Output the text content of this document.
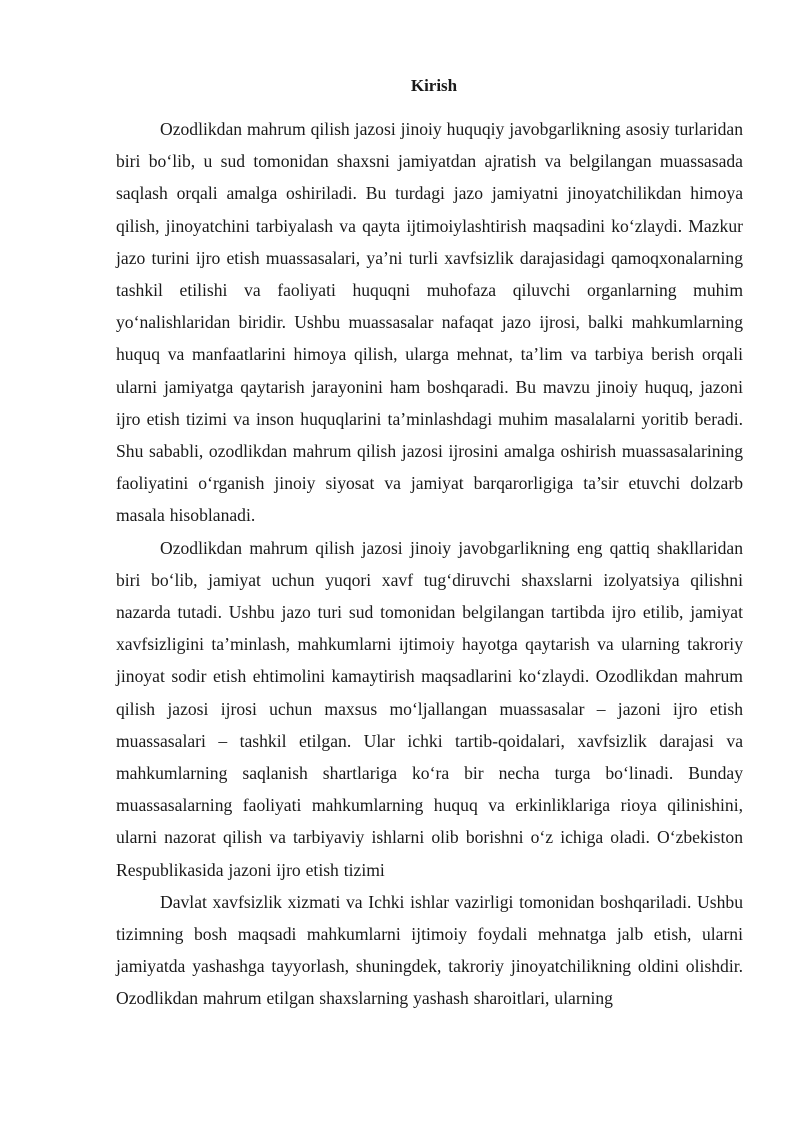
Kirish

Ozodlikdan mahrum qilish jazosi jinoiy huquqiy javobgarlikning asosiy turlaridan biri bo‘lib, u sud tomonidan shaxsni jamiyatdan ajratish va belgilangan muassasada saqlash orqali amalga oshiriladi. Bu turdagi jazo jamiyatni jinoyatchilikdan himoya qilish, jinoyatchini tarbiyalash va qayta ijtimoiylashtirish maqsadini ko‘zlaydi. Mazkur jazo turini ijro etish muassasalari, ya’ni turli xavfsizlik darajasidagi qamoqxonalarning tashkil etilishi va faoliyati huquqni muhofaza qiluvchi organlarning muhim yo‘nalishlaridan biridir. Ushbu muassasalar nafaqat jazo ijrosi, balki mahkumlarning huquq va manfaatlarini himoya qilish, ularga mehnat, ta’lim va tarbiya berish orqali ularni jamiyatga qaytarish jarayonini ham boshqaradi. Bu mavzu jinoiy huquq, jazoni ijro etish tizimi va inson huquqlarini ta’minlashdagi muhim masalalarni yoritib beradi. Shu sababli, ozodlikdan mahrum qilish jazosi ijrosini amalga oshirish muassasalarining faoliyatini o‘rganish jinoiy siyosat va jamiyat barqarorligiga ta’sir etuvchi dolzarb masala hisoblanadi.

Ozodlikdan mahrum qilish jazosi jinoiy javobgarlikning eng qattiq shakllaridan biri bo‘lib, jamiyat uchun yuqori xavf tug‘diruvchi shaxslarni izolyatsiya qilishni nazarda tutadi. Ushbu jazo turi sud tomonidan belgilangan tartibda ijro etilib, jamiyat xavfsizligini ta’minlash, mahkumlarni ijtimoiy hayotga qaytarish va ularning takroriy jinoyat sodir etish ehtimolini kamaytirish maqsadlarini ko‘zlaydi. Ozodlikdan mahrum qilish jazosi ijrosi uchun maxsus mo‘ljallangan muassasalar – jazoni ijro etish muassasalari – tashkil etilgan. Ular ichki tartib-qoidalari, xavfsizlik darajasi va mahkumlarning saqlanish shartlariga ko‘ra bir necha turga bo‘linadi. Bunday muassasalarning faoliyati mahkumlarning huquq va erkinliklariga rioya qilinishini, ularni nazorat qilish va tarbiyaviy ishlarni olib borishni o‘z ichiga oladi. O‘zbekiston Respublikasida jazoni ijro etish tizimi

Davlat xavfsizlik xizmati va Ichki ishlar vazirligi tomonidan boshqariladi. Ushbu tizimning bosh maqsadi mahkumlarni ijtimoiy foydali mehnatga jalb etish, ularni jamiyatda yashashga tayyorlash, shuningdek, takroriy jinoyatchilikning oldini olishdir. Ozodlikdan mahrum etilgan shaxslarning yashash sharoitlari, ularning
